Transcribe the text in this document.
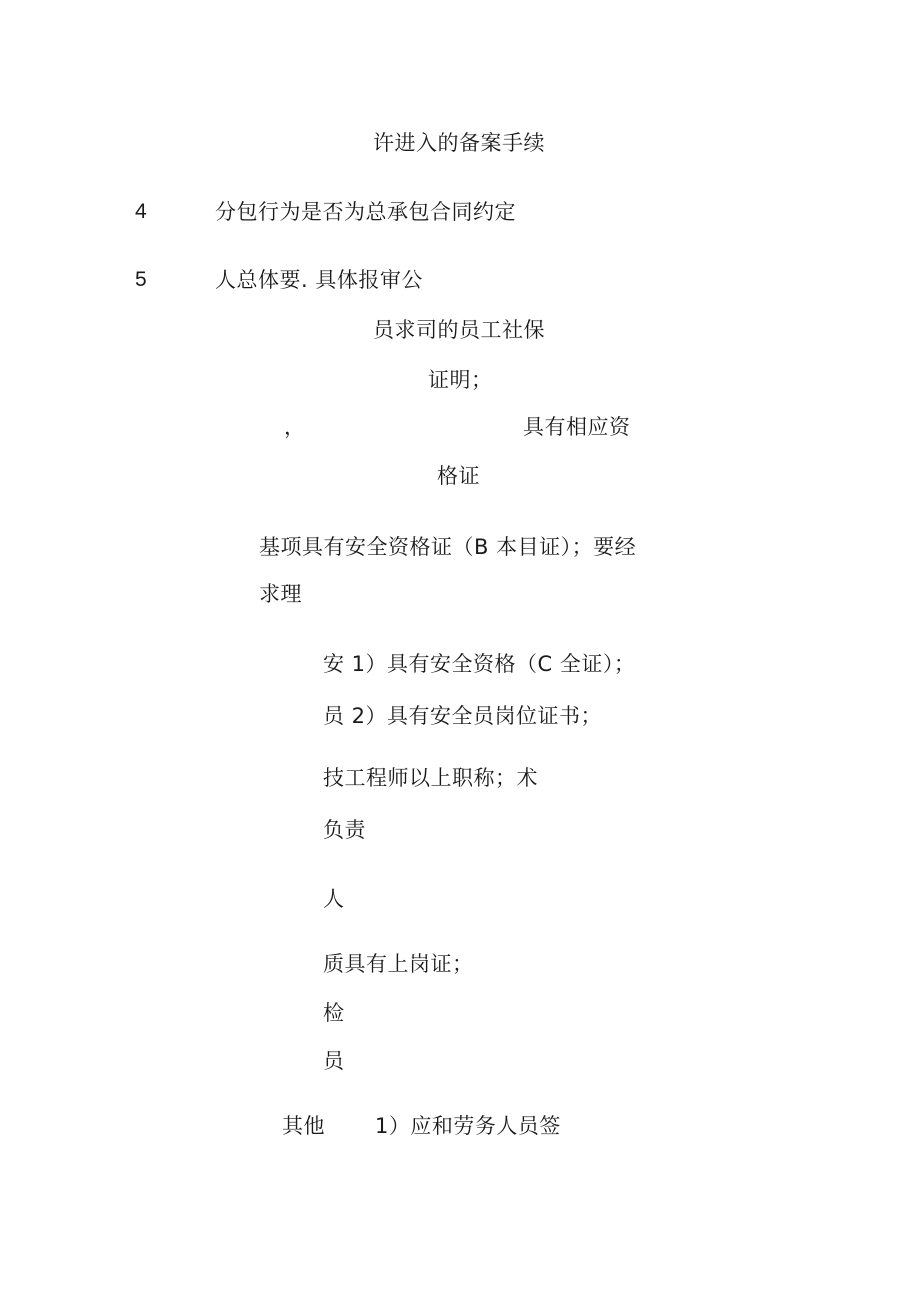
许进入的备案手续
4	分包行为是否为总承包合同约定
5	人总体要. 具体报审公
员求司的员工社保
证明；
，	具有相应资
格证
基项具有安全资格证（B 本目证）；要经
求理
安 1）具有安全资格（C 全证）；
员 2）具有安全员岗位证书；
技工程师以上职称；术
负责
人
质具有上岗证；
检
员
其他 1）应和劳务人员签
